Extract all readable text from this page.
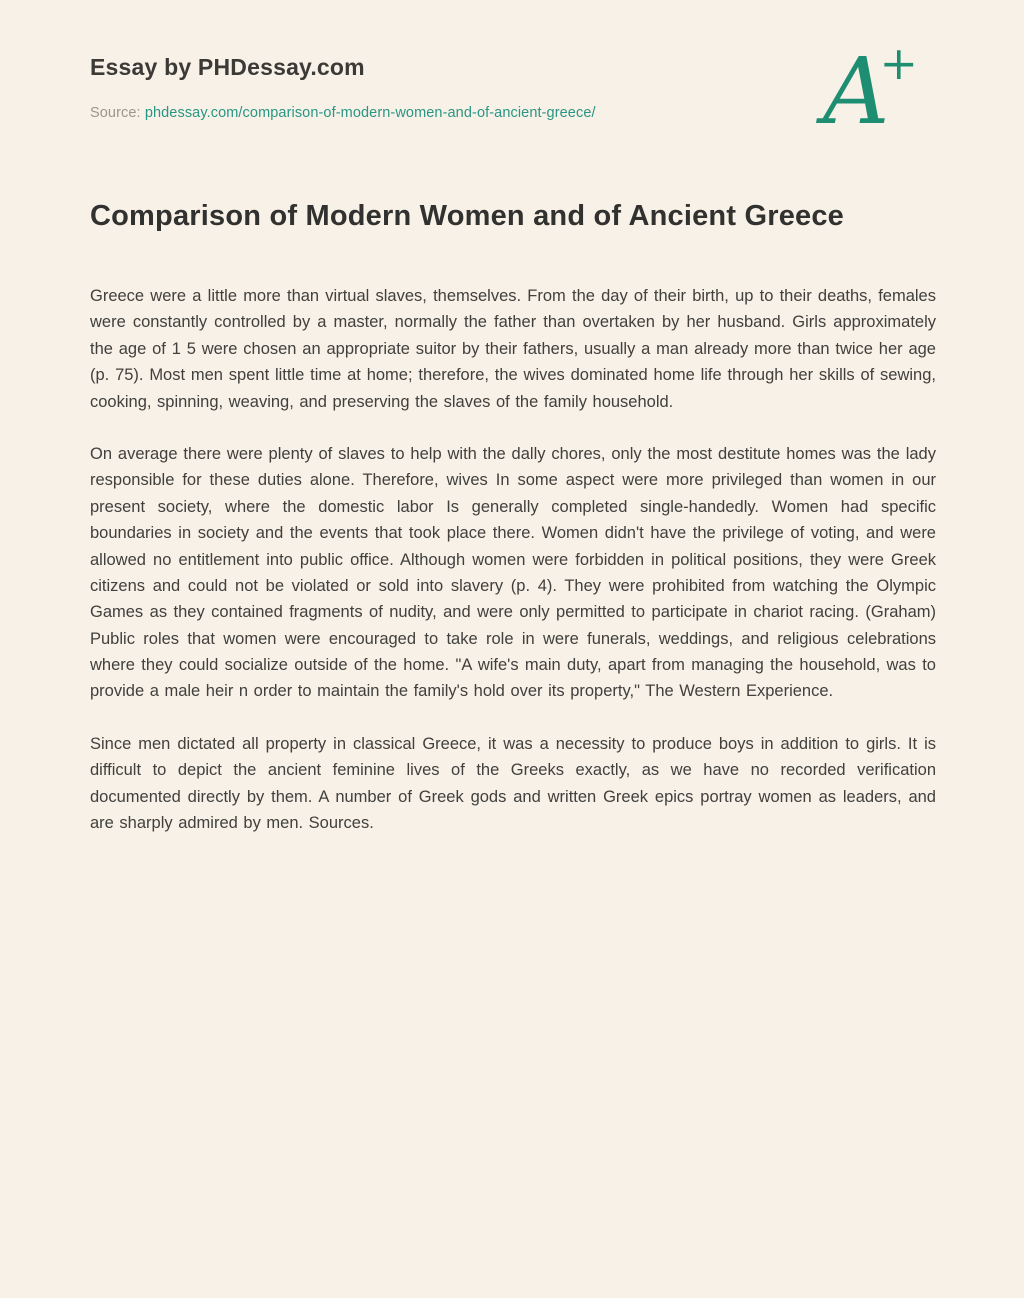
Essay by PHDessay.com
Source: phdessay.com/comparison-of-modern-women-and-of-ancient-greece/ A+
Comparison of Modern Women and of Ancient Greece

Greece were a little more than virtual slaves, themselves. From the day of their birth, up to their deaths, females were constantly controlled by a master, normally the father than overtaken by her husband. Girls approximately the age of 1 5 were chosen an appropriate suitor by their fathers, usually a man already more than twice her age (p. 75). Most men spent little time at home; therefore, the wives dominated home life through her skills of sewing, cooking, spinning, weaving, and preserving the slaves of the family household.

On average there were plenty of slaves to help with the dally chores, only the most destitute homes was the lady responsible for these duties alone. Therefore, wives In some aspect were more privileged than women in our present society, where the domestic labor Is generally completed single-handedly. Women had specific boundaries in society and the events that took place there. Women didn't have the privilege of voting, and were allowed no entitlement into public office. Although women were forbidden in political positions, they were Greek citizens and could not be violated or sold into slavery (p. 4). They were prohibited from watching the Olympic Games as they contained fragments of nudity, and were only permitted to participate in chariot racing. (Graham) Public roles that women were encouraged to take role in were funerals, weddings, and religious celebrations where they could socialize outside of the home. "A wife's main duty, apart from managing the household, was to provide a male heir n order to maintain the family's hold over its property," The Western Experience.

Since men dictated all property in classical Greece, it was a necessity to produce boys in addition to girls. It is difficult to depict the ancient feminine lives of the Greeks exactly, as we have no recorded verification documented directly by them. A number of Greek gods and written Greek epics portray women as leaders, and are sharply admired by men. Sources.
